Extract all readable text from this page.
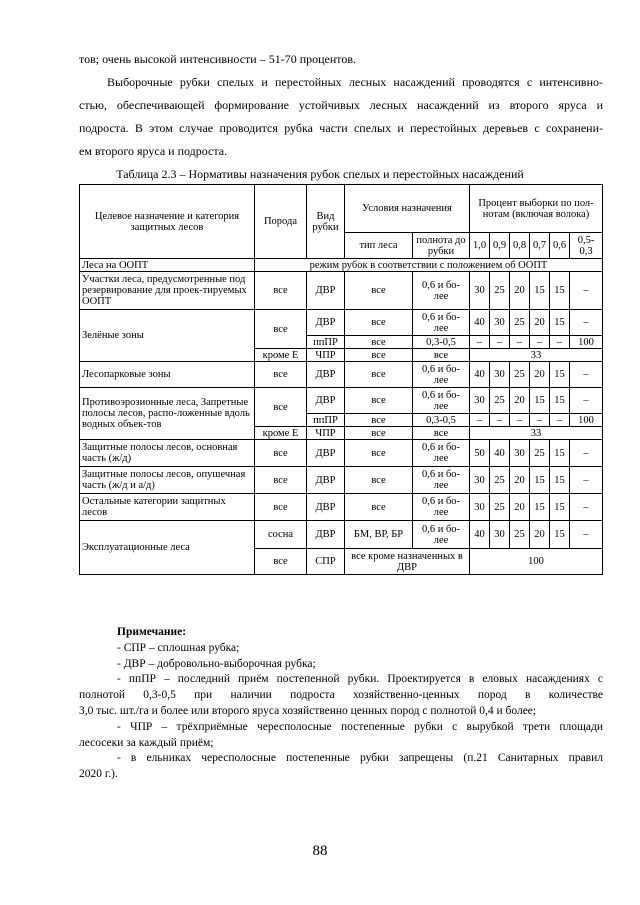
тов; очень высокой интенсивности – 51-70 процентов.
Выборочные рубки спелых и перестойных лесных насаждений проводятся с интенсивно-
стью, обеспечивающей формирование устойчивых лесных насаждений из второго яруса и
подроста. В этом случае проводится рубка части спелых и перестойных деревьев с сохранени-
ем второго яруса и подроста.
Таблица 2.3 – Нормативы назначения рубок спелых и перестойных насаждений
Целевое назначение и категория защитных лесов	Порода	Вид рубки	Условия назначения		Процент выборки по пол-нотам (включая волока)					
			тип леса	полнота до рубки	1,0	0,9	0,8	0,7	0,6	0,5-0,3
Леса на ООПТ	режим рубок в соответствии с положением об ООПТ									
Участки леса, предусмотренные под резервирование для проек-тируемых ООПТ	все	ДВР	все	0,6 и бо-лее	30	25	20	15	15	–
Зелёные зоны	все	ДВР	все	0,6 и бо-лее	40	30	25	20	15	–
		ппПР	все	0,3-0,5	–	–	–	–	–	100
	кроме Е	ЧПР	все	все	33					
Лесопарковые зоны	все	ДВР	все	0,6 и бо-лее	40	30	25	20	15	–
Противоэрозионные леса, Запретные полосы лесов, распо-ложенные вдоль водных объек-тов	все	ДВР	все	0,6 и бо-лее	30	25	20	15	15	–
		ппПР	все	0,3-0,5	–	–	–	–	–	100
	кроме Е	ЧПР	все	все	33					
Защитные полосы лесов, основная часть (ж/д)	все	ДВР	все	0,6 и бо-лее	50	40	30	25	15	–
Защитные полосы лесов, опушечная часть (ж/д и а/д)	все	ДВР	все	0,6 и бо-лее	30	25	20	15	15	–
Остальные категории защитных лесов	все	ДВР	все	0,6 и бо-лее	30	25	20	15	15	–
Эксплуатационные леса	сосна	ДВР	БМ, ВР, БР	0,6 и бо-лее	40	30	25	20	15	–
	все	СПР	все кроме назначенных в ДВР		100					
Примечание:
- СПР – сплошная рубка;
- ДВР – добровольно-выборочная рубка;
- ппПР – последний приём постепенной рубки. Проектируется в еловых насаждениях с
полнотой 0,3-0,5 при наличии подроста хозяйственно-ценных пород в количестве
3,0 тыс. шт./га и более или второго яруса хозяйственно ценных пород с полнотой 0,4 и более;
- ЧПР – трёхприёмные чересполосные постепенные рубки с вырубкой трети площади
лесосеки за каждый приём;
- в ельниках чересполосные постепенные рубки запрещены (п.21 Санитарных правил
2020 г.).
88
